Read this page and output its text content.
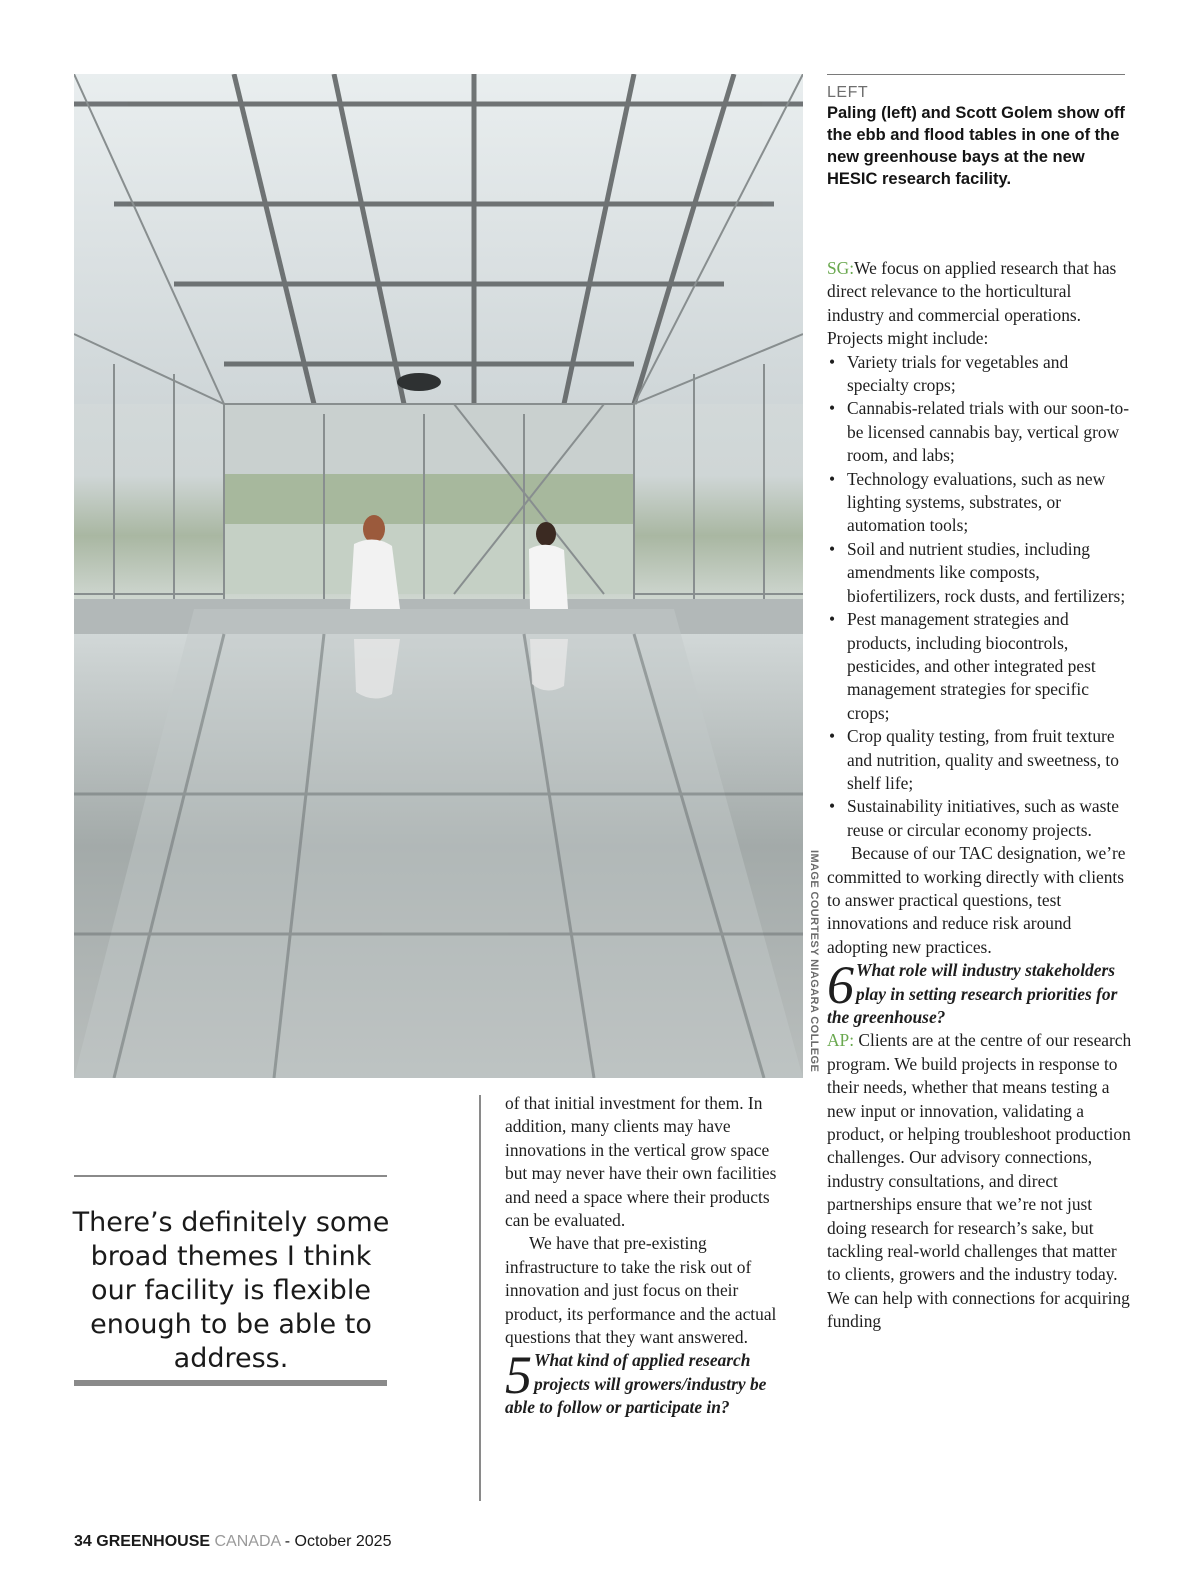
IMAGE COURTESY NIAGARA COLLEGE
LEFT
Paling (left) and Scott Golem show off the ebb and flood tables in one of the new greenhouse bays at the new HESIC research facility.

SG:We focus on applied research that has direct relevance to the horticultural industry and commercial operations. Projects might include:

• Variety trials for vegetables and specialty crops;
• Cannabis-related trials with our soon-to-be licensed cannabis bay, vertical grow room, and labs;
• Technology evaluations, such as new lighting systems, substrates, or automation tools;
• Soil and nutrient studies, including amendments like composts, biofertilizers, rock dusts, and fertilizers;
• Pest management strategies and products, including biocontrols, pesticides, and other integrated pest management strategies for specific crops;
• Crop quality testing, from fruit texture and nutrition, quality and sweetness, to shelf life;
• Sustainability initiatives, such as waste reuse or circular economy projects.

Because of our TAC designation, we’re committed to working directly with clients to answer practical questions, test innovations and reduce risk around adopting new practices.

6 What role will industry stakeholders play in setting research priorities for the greenhouse?

AP: Clients are at the centre of our research program. We build projects in response to their needs, whether that means testing a new input or innovation, validating a product, or helping troubleshoot production challenges. Our advisory connections, industry consultations, and direct partnerships ensure that we’re not just doing research for research’s sake, but tackling real-world challenges that matter to clients, growers and the industry today. We can help with connections for acquiring funding

of that initial investment for them. In addition, many clients may have innovations in the vertical grow space but may never have their own facilities and need a space where their products can be evaluated.

We have that pre-existing infrastructure to take the risk out of innovation and just focus on their product, its performance and the actual questions that they want answered.

5 What kind of applied research projects will growers/industry be able to follow or participate in?

There’s definitely some broad themes I think our facility is flexible enough to be able to address.
34 GREENHOUSE CANADA - October 2025
